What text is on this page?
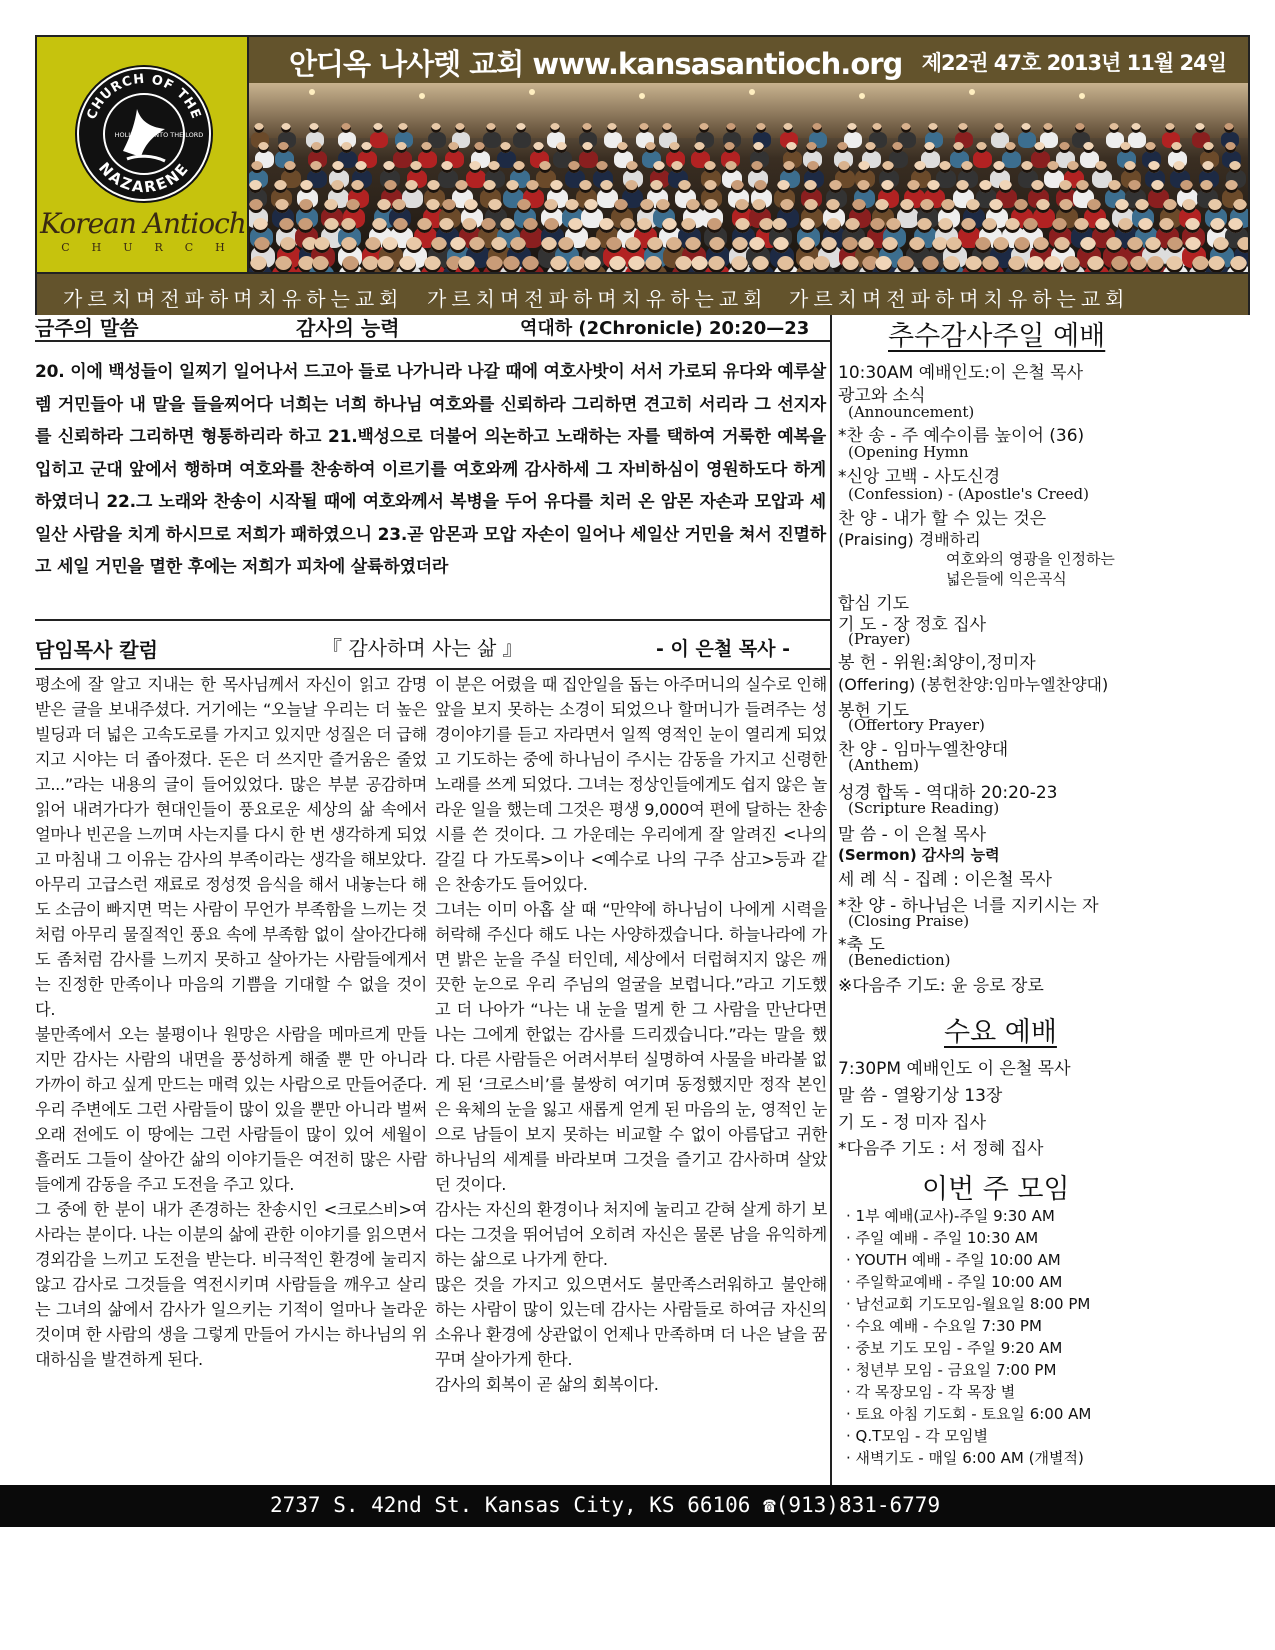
CHURCH OF THE
NAZARENE
HOLINESS UNTO THE LORD
Korean Antioch
CHURCH
안디옥 나사렛 교회 www.kansasantioch.org 제22권 47호 2013년 11월 24일
가르치며전파하며치유하는교회 가르치며전파하며치유하는교회 가르치며전파하며치유하는교회
금주의 말씀	감사의 능력	역대하 (2Chronicle) 20:20—23

20. 이에 백성들이 일찌기 일어나서 드고아 들로 나가니라 나갈 때에 여호사밧이 서서 가로되 유다와 예루살렘 거민들아 내 말을 들을찌어다 너희는 너희 하나님 여호와를 신뢰하라 그리하면 견고히 서리라 그 선지자를 신뢰하라 그리하면 형통하리라 하고 21.백성으로 더불어 의논하고 노래하는 자를 택하여 거룩한 예복을 입히고 군대 앞에서 행하며 여호와를 찬송하여 이르기를 여호와께 감사하세 그 자비하심이 영원하도다 하게 하였더니 22.그 노래와 찬송이 시작될 때에 여호와께서 복병을 두어 유다를 치러 온 암몬 자손과 모압과 세일산 사람을 치게 하시므로 저희가 패하였으니 23.곧 암몬과 모압 자손이 일어나 세일산 거민을 쳐서 진멸하고 세일 거민을 멸한 후에는 저희가 피차에 살륙하였더라

담임목사 칼럼	『 감사하며 사는 삶 』	- 이 은철 목사 -

평소에 잘 알고 지내는 한 목사님께서 자신이 읽고 감명 받은 글을 보내주셨다. 거기에는 “오늘날 우리는 더 높은 빌딩과 더 넓은 고속도로를 가지고 있지만 성질은 더 급해지고 시야는 더 좁아졌다. 돈은 더 쓰지만 즐거움은 줄었고...”라는 내용의 글이 들어있었다. 많은 부분 공감하며 읽어 내려가다가 현대인들이 풍요로운 세상의 삶 속에서 얼마나 빈곤을 느끼며 사는지를 다시 한 번 생각하게 되었고 마침내 그 이유는 감사의 부족이라는 생각을 해보았다.

아무리 고급스런 재료로 정성껏 음식을 해서 내놓는다 해도 소금이 빠지면 먹는 사람이 무언가 부족함을 느끼는 것처럼 아무리 물질적인 풍요 속에 부족함 없이 살아간다해도 좀처럼 감사를 느끼지 못하고 살아가는 사람들에게서는 진정한 만족이나 마음의 기쁨을 기대할 수 없을 것이다.

불만족에서 오는 불평이나 원망은 사람을 메마르게 만들지만 감사는 사람의 내면을 풍성하게 해줄 뿐 만 아니라 가까이 하고 싶게 만드는 매력 있는 사람으로 만들어준다. 우리 주변에도 그런 사람들이 많이 있을 뿐만 아니라 벌써 오래 전에도 이 땅에는 그런 사람들이 많이 있어 세월이 흘러도 그들이 살아간 삶의 이야기들은 여전히 많은 사람들에게 감동을 주고 도전을 주고 있다.

그 중에 한 분이 내가 존경하는 찬송시인 <크로스비>여사라는 분이다. 나는 이분의 삶에 관한 이야기를 읽으면서 경외감을 느끼고 도전을 받는다. 비극적인 환경에 눌리지 않고 감사로 그것들을 역전시키며 사람들을 깨우고 살리는 그녀의 삶에서 감사가 일으키는 기적이 얼마나 놀라운 것이며 한 사람의 생을 그렇게 만들어 가시는 하나님의 위대하심을 발견하게 된다.

이 분은 어렸을 때 집안일을 돕는 아주머니의 실수로 인해 앞을 보지 못하는 소경이 되었으나 할머니가 들려주는 성경이야기를 듣고 자라면서 일찍 영적인 눈이 열리게 되었고 기도하는 중에 하나님이 주시는 감동을 가지고 신령한 노래를 쓰게 되었다. 그녀는 정상인들에게도 쉽지 않은 놀라운 일을 했는데 그것은 평생 9,000여 편에 달하는 찬송시를 쓴 것이다. 그 가운데는 우리에게 잘 알려진 <나의 갈길 다 가도록>이나 <예수로 나의 구주 삼고>등과 같은 찬송가도 들어있다.

그녀는 이미 아홉 살 때 “만약에 하나님이 나에게 시력을 허락해 주신다 해도 나는 사양하겠습니다. 하늘나라에 가면 밝은 눈을 주실 터인데, 세상에서 더럽혀지지 않은 깨끗한 눈으로 우리 주님의 얼굴을 보렵니다.”라고 기도했고 더 나아가 “나는 내 눈을 멀게 한 그 사람을 만난다면 나는 그에게 한없는 감사를 드리겠습니다.”라는 말을 했다. 다른 사람들은 어려서부터 실명하여 사물을 바라볼 없게 된 ‘크로스비’를 불쌍히 여기며 동정했지만 정작 본인은 육체의 눈을 잃고 새롭게 얻게 된 마음의 눈, 영적인 눈으로 남들이 보지 못하는 비교할 수 없이 아름답고 귀한 하나님의 세계를 바라보며 그것을 즐기고 감사하며 살았던 것이다.

감사는 자신의 환경이나 처지에 눌리고 갇혀 살게 하기 보다는 그것을 뛰어넘어 오히려 자신은 물론 남을 유익하게 하는 삶으로 나가게 한다.

많은 것을 가지고 있으면서도 불만족스러워하고 불안해하는 사람이 많이 있는데 감사는 사람들로 하여금 자신의 소유나 환경에 상관없이 언제나 만족하며 더 나은 날을 꿈꾸며 살아가게 한다.

감사의 회복이 곧 삶의 회복이다.

추수감사주일 예배
10:30AM 예배인도:이 은철 목사
광고와 소식
(Announcement)
*찬 송 - 주 예수이름 높이어 (36)
(Opening Hymn
*신앙 고백 - 사도신경
(Confession) - (Apostle's Creed)
찬 양 - 내가 할 수 있는 것은
(Praising) 경배하리
여호와의 영광을 인정하는
넓은들에 익은곡식
합심 기도
기 도 - 장 정호 집사
(Prayer)
봉 헌 - 위원:최양이,정미자
(Offering) (봉헌찬양:임마누엘찬양대)
봉헌 기도
(Offertory Prayer)
찬 양 - 임마누엘찬양대
(Anthem)
성경 합독 - 역대하 20:20-23
(Scripture Reading)
말 씀 - 이 은철 목사
(Sermon) 감사의 능력
세 례 식 - 집례 : 이은철 목사
*찬 양 - 하나님은 너를 지키시는 자
(Closing Praise)
*축 도
(Benediction)
※다음주 기도: 윤 응로 장로
수요 예배
7:30PM 예배인도 이 은철 목사
말 씀 - 열왕기상 13장
기 도 - 정 미자 집사
*다음주 기도 : 서 정혜 집사
이번 주 모임
· 1부 예배(교사)-주일 9:30 AM
· 주일 예배 - 주일 10:30 AM
· YOUTH 예배 - 주일 10:00 AM
· 주일학교예배 - 주일 10:00 AM
· 남선교회 기도모임-월요일 8:00 PM
· 수요 예배 - 수요일 7:30 PM
· 중보 기도 모임 - 주일 9:20 AM
· 청년부 모임 - 금요일 7:00 PM
· 각 목장모임 - 각 목장 별
· 토요 아침 기도회 - 토요일 6:00 AM
· Q.T모임 - 각 모임별
· 새벽기도 - 매일 6:00 AM (개별적)
2737 S. 42nd St. Kansas City, KS 66106 ☎(913)831-6779
